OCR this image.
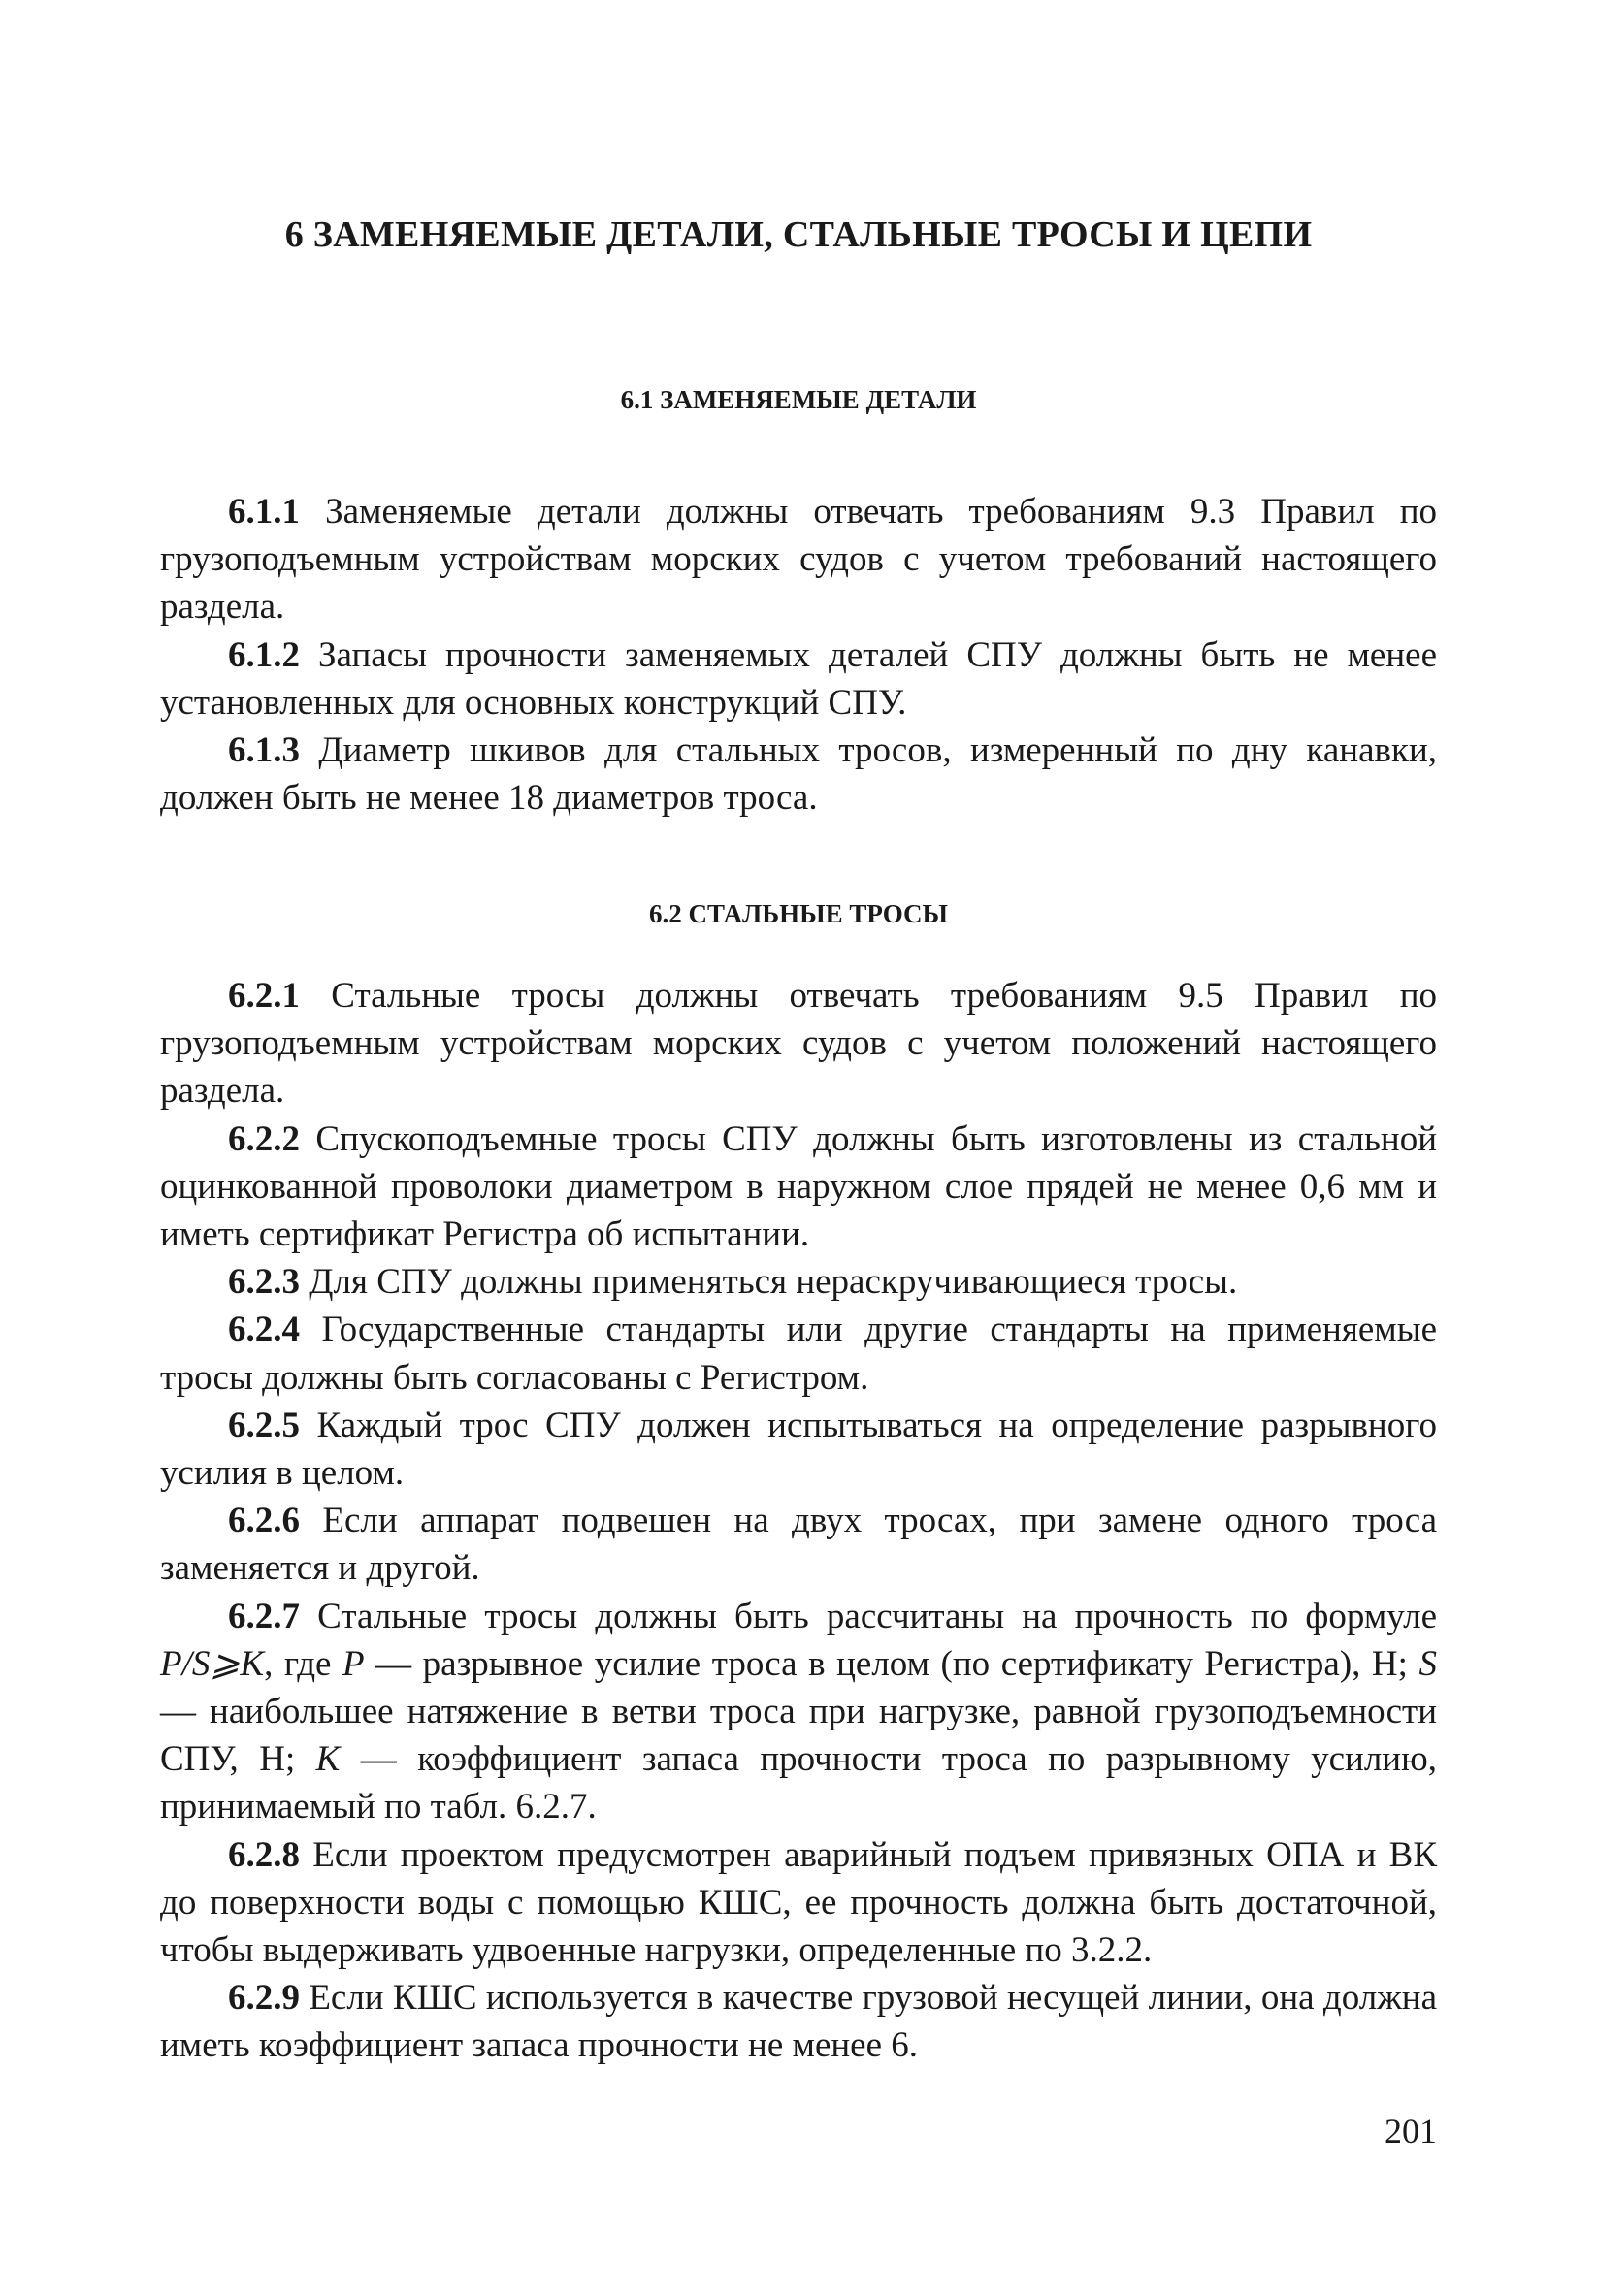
6 ЗАМЕНЯЕМЫЕ ДЕТАЛИ, СТАЛЬНЫЕ ТРОСЫ И ЦЕПИ
6.1 ЗАМЕНЯЕМЫЕ ДЕТАЛИ

6.1.1 Заменяемые детали должны отвечать требованиям 9.3 Правил по грузоподъемным устройствам морских судов с учетом требований настоящего раздела.

6.1.2 Запасы прочности заменяемых деталей СПУ должны быть не менее установленных для основных конструкций СПУ.

6.1.3 Диаметр шкивов для стальных тросов, измеренный по дну канавки, должен быть не менее 18 диаметров троса.

6.2 СТАЛЬНЫЕ ТРОСЫ

6.2.1 Стальные тросы должны отвечать требованиям 9.5 Правил по грузоподъемным устройствам морских судов с учетом положений настоящего раздела.

6.2.2 Спускоподъемные тросы СПУ должны быть изготовлены из стальной оцинкованной проволоки диаметром в наружном слое прядей не менее 0,6 мм и иметь сертификат Регистра об испытании.

6.2.3 Для СПУ должны применяться нераскручивающиеся тросы.

6.2.4 Государственные стандарты или другие стандарты на применяемые тросы должны быть согласованы с Регистром.

6.2.5 Каждый трос СПУ должен испытываться на определение разрывного усилия в целом.

6.2.6 Если аппарат подвешен на двух тросах, при замене одного троса заменяется и другой.

6.2.7 Стальные тросы должны быть рассчитаны на прочность по формуле P/S⩾K, где P — разрывное усилие троса в целом (по сертификату Регистра), Н; S — наибольшее натяжение в ветви троса при нагрузке, равной грузоподъемности СПУ, Н; K — коэффициент запаса прочности троса по разрывному усилию, принимаемый по табл. 6.2.7.

6.2.8 Если проектом предусмотрен аварийный подъем привязных ОПА и ВК до поверхности воды с помощью КШС, ее прочность должна быть достаточной, чтобы выдерживать удвоенные нагрузки, определенные по 3.2.2.

6.2.9 Если КШС используется в качестве грузовой несущей линии, она должна иметь коэффициент запаса прочности не менее 6.

201
